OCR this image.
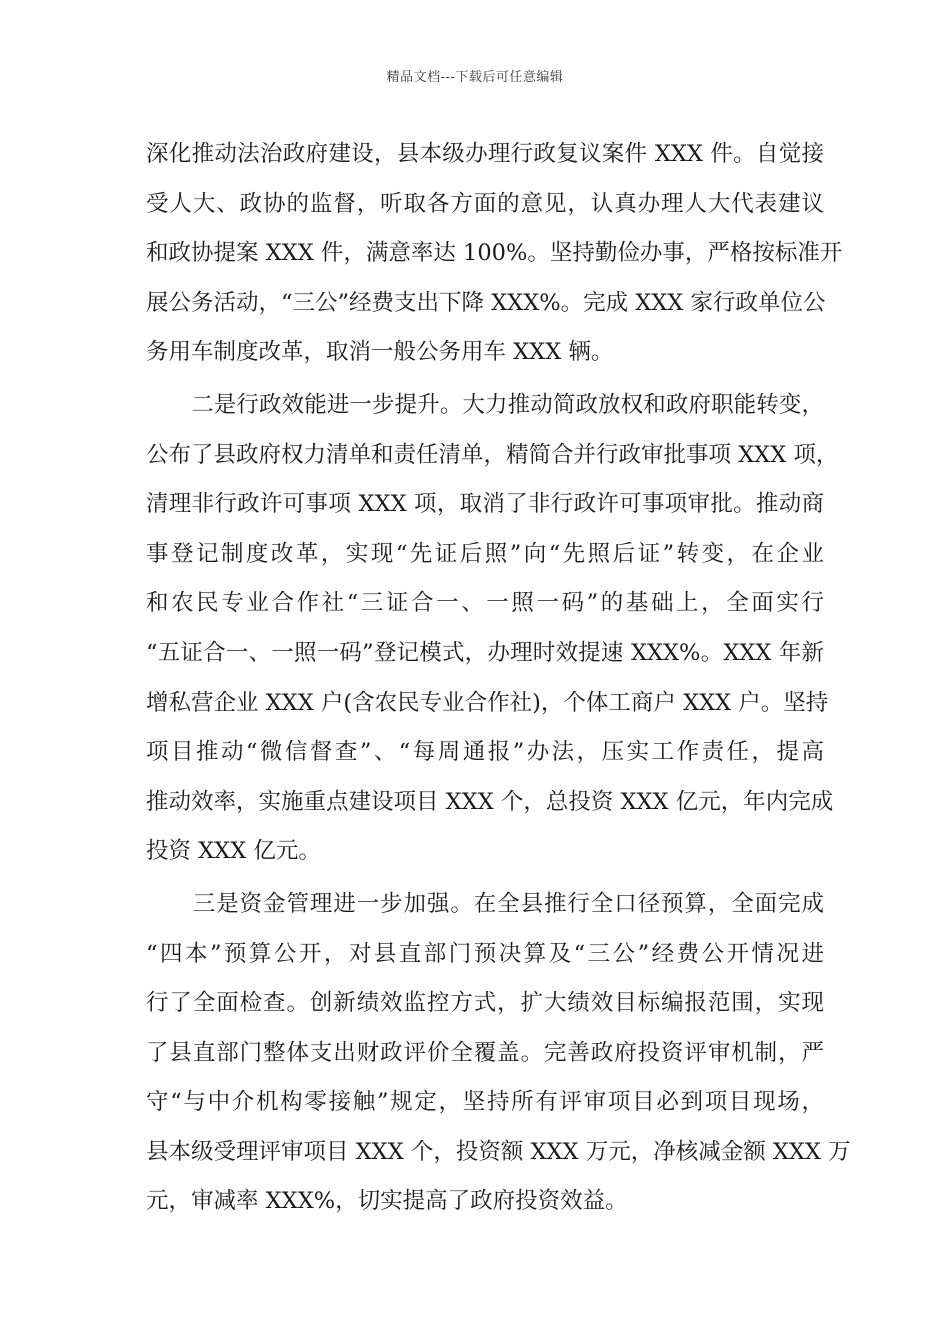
精品文档---下载后可任意编辑
深化推动法治政府建设，县本级办理行政复议案件 XXX 件。自觉接
受人大、政协的监督，听取各方面的意见，认真办理人大代表建议
和政协提案 XXX 件，满意率达 100%。坚持勤俭办事，严格按标准开
展公务活动，“三公”经费支出下降 XXX%。完成 XXX 家行政单位公
务用车制度改革，取消一般公务用车 XXX 辆。
　　二是行政效能进一步提升。大力推动简政放权和政府职能转变，
公布了县政府权力清单和责任清单，精简合并行政审批事项 XXX 项，
清理非行政许可事项 XXX 项，取消了非行政许可事项审批。推动商
事登记制度改革，实现“先证后照”向“先照后证”转变，在企业
和农民专业合作社“三证合一、一照一码”的基础上，全面实行
“五证合一、一照一码”登记模式，办理时效提速 XXX%。XXX 年新
增私营企业 XXX 户(含农民专业合作社)，个体工商户 XXX 户。坚持
项目推动“微信督查”、“每周通报”办法，压实工作责任，提高
推动效率，实施重点建设项目 XXX 个，总投资 XXX 亿元，年内完成
投资 XXX 亿元。
　　三是资金管理进一步加强。在全县推行全口径预算，全面完成
“四本”预算公开，对县直部门预决算及“三公”经费公开情况进
行了全面检查。创新绩效监控方式，扩大绩效目标编报范围，实现
了县直部门整体支出财政评价全覆盖。完善政府投资评审机制，严
守“与中介机构零接触”规定，坚持所有评审项目必到项目现场，
县本级受理评审项目 XXX 个，投资额 XXX 万元，净核减金额 XXX 万
元，审减率 XXX%，切实提高了政府投资效益。
